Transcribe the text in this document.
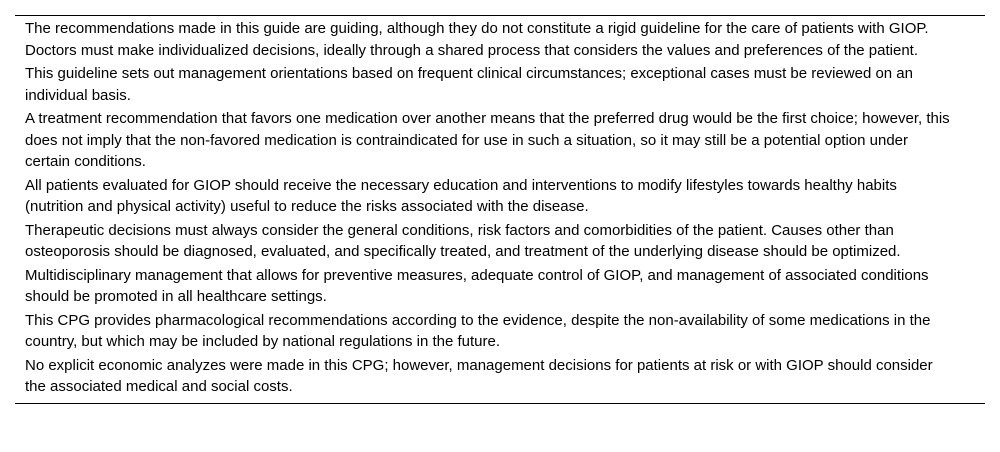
The recommendations made in this guide are guiding, although they do not constitute a rigid guideline for the care of patients with GIOP. Doctors must make individualized decisions, ideally through a shared process that considers the values and preferences of the patient.
This guideline sets out management orientations based on frequent clinical circumstances; exceptional cases must be reviewed on an individual basis.
A treatment recommendation that favors one medication over another means that the preferred drug would be the first choice; however, this does not imply that the non-favored medication is contraindicated for use in such a situation, so it may still be a potential option under certain conditions.
All patients evaluated for GIOP should receive the necessary education and interventions to modify lifestyles towards healthy habits (nutrition and physical activity) useful to reduce the risks associated with the disease.
Therapeutic decisions must always consider the general conditions, risk factors and comorbidities of the patient. Causes other than osteoporosis should be diagnosed, evaluated, and specifically treated, and treatment of the underlying disease should be optimized.
Multidisciplinary management that allows for preventive measures, adequate control of GIOP, and management of associated conditions should be promoted in all healthcare settings.
This CPG provides pharmacological recommendations according to the evidence, despite the non-availability of some medications in the country, but which may be included by national regulations in the future.
No explicit economic analyzes were made in this CPG; however, management decisions for patients at risk or with GIOP should consider the associated medical and social costs.
